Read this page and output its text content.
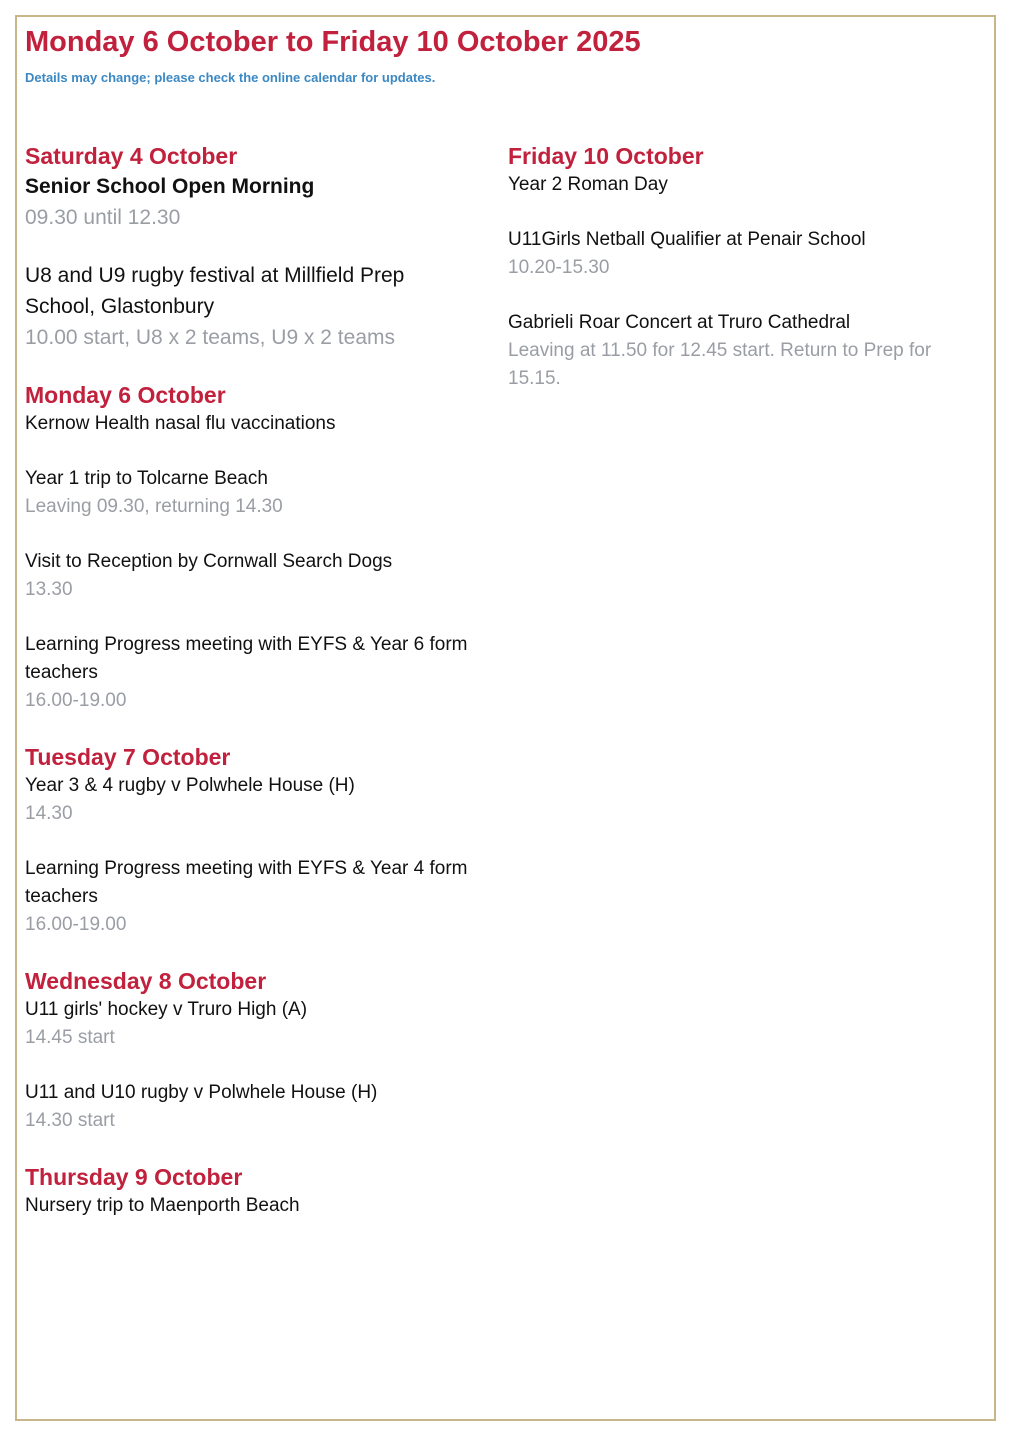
Monday 6 October to Friday 10 October 2025
Details may change; please check the online calendar for updates.
Saturday 4 October
Senior School Open Morning
09.30 until 12.30
U8 and U9 rugby festival at Millfield Prep School, Glastonbury
10.00 start, U8 x 2 teams, U9 x 2 teams
Monday 6 October
Kernow Health nasal flu vaccinations
Year 1 trip to Tolcarne Beach
Leaving 09.30, returning 14.30
Visit to Reception by Cornwall Search Dogs
13.30
Learning Progress meeting with EYFS & Year 6 form teachers
16.00-19.00
Tuesday 7 October
Year 3 & 4 rugby v Polwhele House (H)
14.30
Learning Progress meeting with EYFS & Year 4 form teachers
16.00-19.00
Wednesday 8 October
U11 girls' hockey v Truro High (A)
14.45 start
U11 and U10 rugby v Polwhele House (H)
14.30 start
Thursday 9 October
Nursery trip to Maenporth Beach
Friday 10 October
Year 2 Roman Day
U11Girls Netball Qualifier at Penair School
10.20-15.30
Gabrieli Roar Concert at Truro Cathedral
Leaving at 11.50 for 12.45 start. Return to Prep for 15.15.
